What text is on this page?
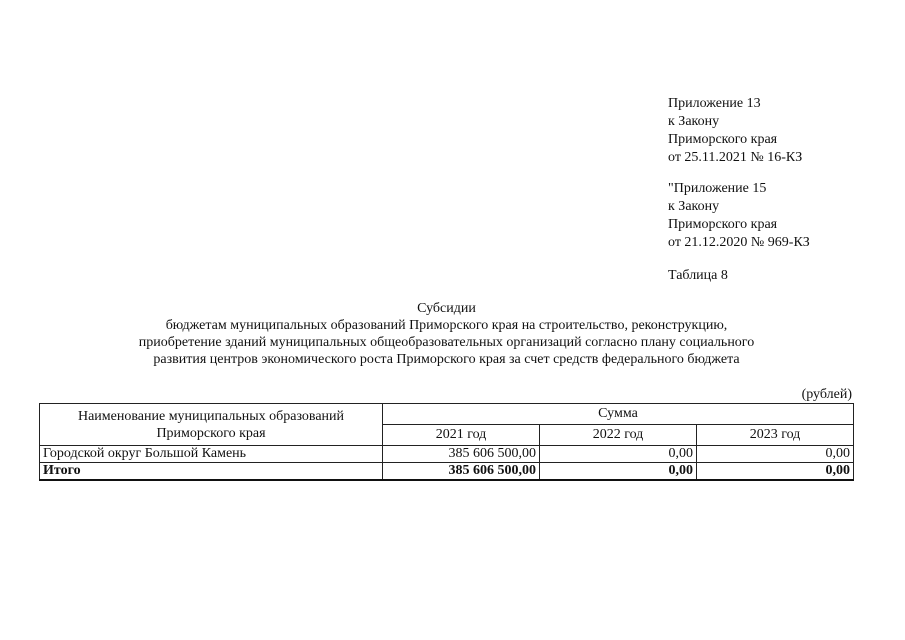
Приложение 13
к Закону
Приморского края
от 25.11.2021 № 16-КЗ
"Приложение 15
к Закону
Приморского края
от 21.12.2020 № 969-КЗ
Таблица 8
Субсидии
бюджетам муниципальных образований Приморского края на строительство, реконструкцию,
приобретение зданий муниципальных общеобразовательных организаций согласно плану социального
развития центров экономического роста Приморского края за счет средств федерального бюджета
(рублей)
Наименование муниципальных образований
Приморского края	Сумма		
	2021 год	2022 год	2023 год
Городской округ Большой Камень	385 606 500,00	0,00	0,00
Итого	385 606 500,00	0,00	0,00
